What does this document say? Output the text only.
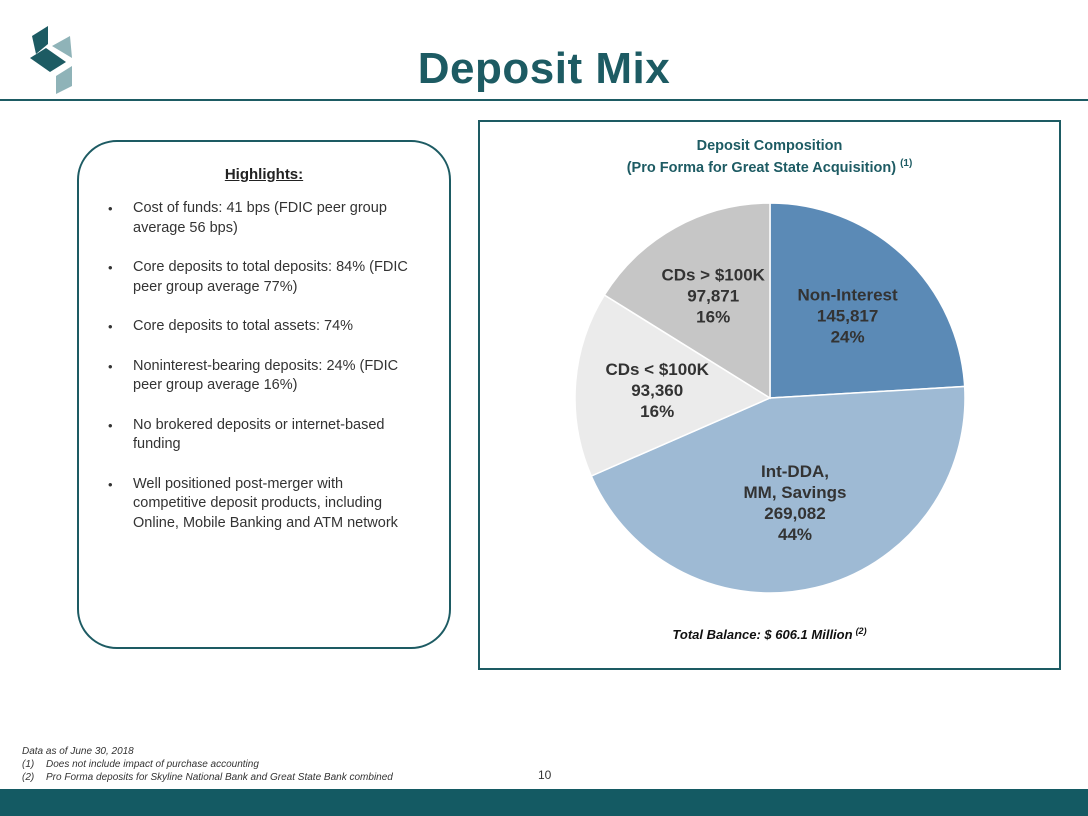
Deposit Mix
Highlights:
• Cost of funds: 41 bps (FDIC peer group average 56 bps)
• Core deposits to total deposits: 84% (FDIC peer group average 77%)
• Core deposits to total assets: 74%
• Noninterest-bearing deposits: 24% (FDIC peer group average 16%)
• No brokered deposits or internet-based funding
• Well positioned post-merger with competitive deposit products, including Online, Mobile Banking and ATM network
Deposit Composition
(Pro Forma for Great State Acquisition) $^{(1)}$
Non-Interest 145,817 24%
Int-DDA, MM, Savings 269,082 44%
CDs < $100K 93,360 16%
CDs > $100K 97,871 16%
Total Balance: $ 606.1 Million $^{(2)}$
Data as of June 30, 2018
(1)	Does not include impact of purchase accounting
(2)	Pro Forma deposits for Skyline National Bank and Great State Bank combined	10
